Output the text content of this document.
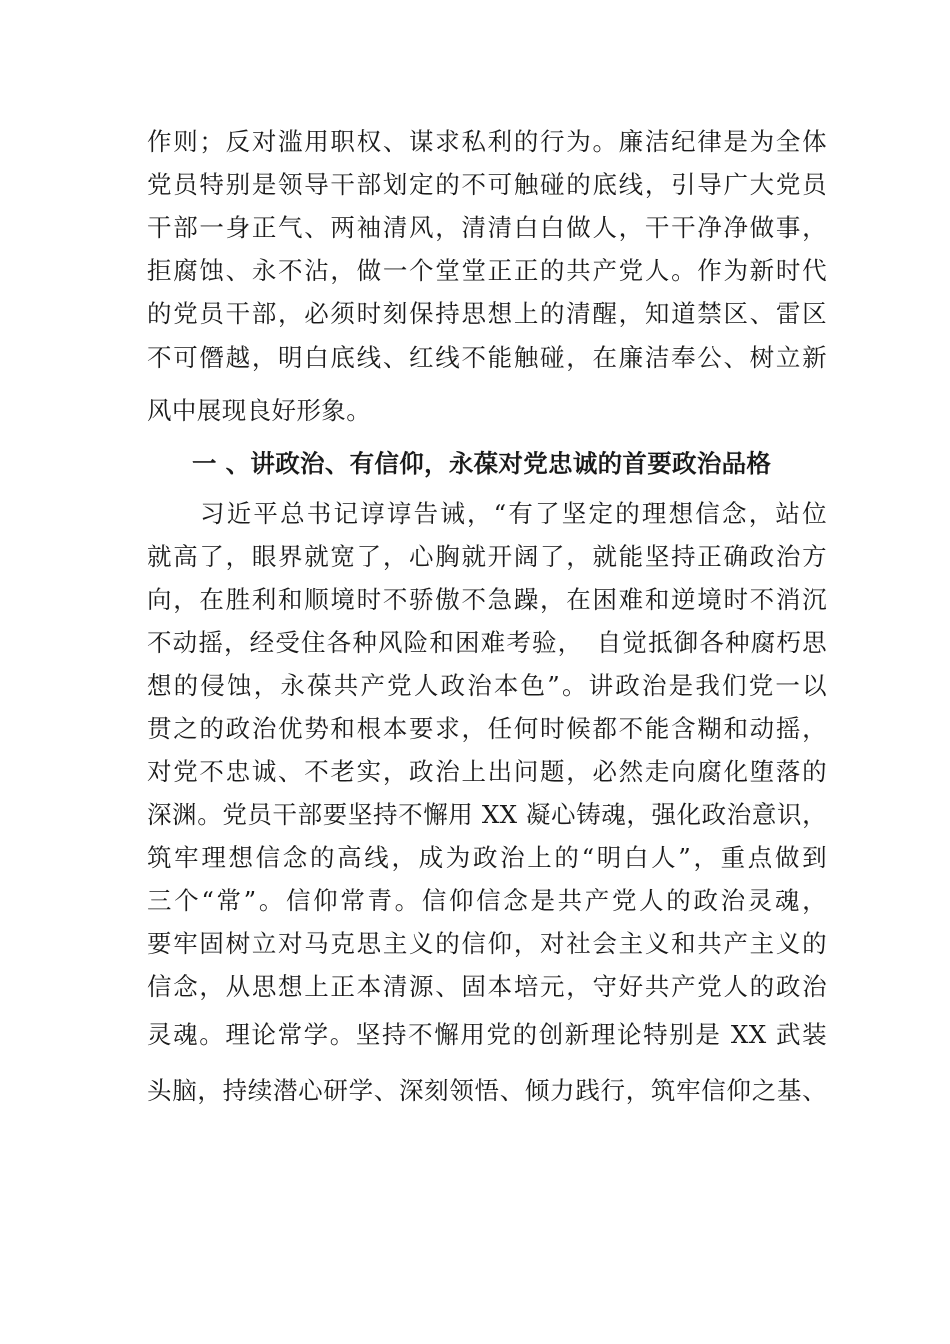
作则；反对滥用职权、谋求私利的行为。廉洁纪律是为全体
党员特别是领导干部划定的不可触碰的底线，引导广大党员
干部一身正气、两袖清风，清清白白做人，干干净净做事，
拒腐蚀、永不沾，做一个堂堂正正的共产党人。作为新时代
的党员干部，必须时刻保持思想上的清醒，知道禁区、雷区
不可僭越，明白底线、红线不能触碰，在廉洁奉公、树立新
风中展现良好形象。
一 、讲政治、有信仰，永葆对党忠诚的首要政治品格
习近平总书记谆谆告诫，“有了坚定的理想信念，站位
就高了，眼界就宽了，心胸就开阔了，就能坚持正确政治方
向，在胜利和顺境时不骄傲不急躁，在困难和逆境时不消沉
不动摇，经受住各种风险和困难考验，　自觉抵御各种腐朽思
想的侵蚀，永葆共产党人政治本色”。讲政治是我们党一以
贯之的政治优势和根本要求，任何时候都不能含糊和动摇，
对党不忠诚、不老实，政治上出问题，必然走向腐化堕落的
深渊。党员干部要坚持不懈用 XX 凝心铸魂，强化政治意识，
筑牢理想信念的高线，成为政治上的“明白人”，重点做到
三个“常”。信仰常青。信仰信念是共产党人的政治灵魂，
要牢固树立对马克思主义的信仰，对社会主义和共产主义的
信念，从思想上正本清源、固本培元，守好共产党人的政治
灵魂。理论常学。坚持不懈用党的创新理论特别是 XX 武装
头脑，持续潜心研学、深刻领悟、倾力践行，筑牢信仰之基、
